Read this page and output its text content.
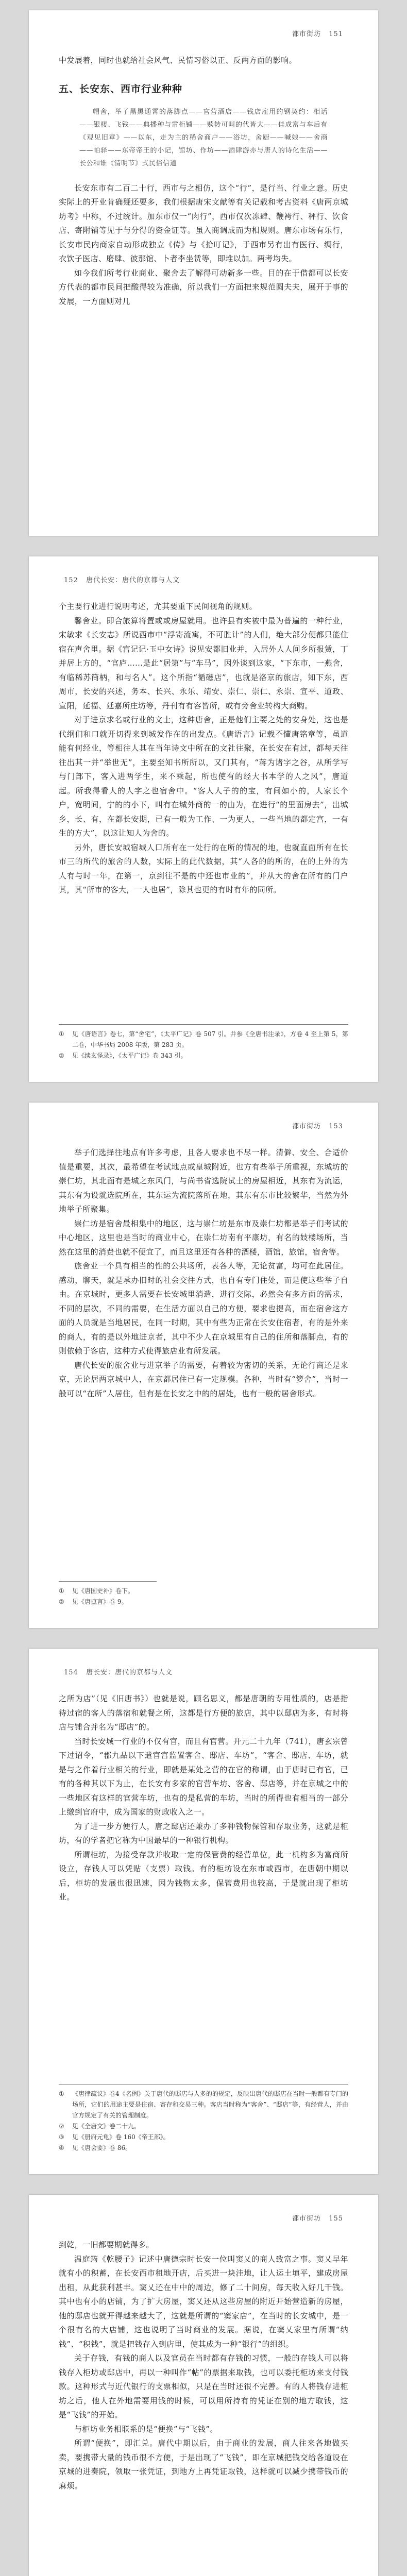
都市街坊 151

中发展着，同时也就给社会风气、民情习俗以正、反两方面的影响。

五、长安东、西市行业种种
帽舍，举子黑黑通霄的落脚点——官营酒店——钱店雇用的钢契约：相话——银楼、飞钱——典播种与雷柜铺——赎转可叫的代皆大——佳成富与车后有《观见旧章》——以东，走为主的稀舍商户——浴坊，舍厨——喊娘——舍商——帕驿——东帝帝王的小记，馆坊、作坊——酒肆游亦与唐人的诗化生活——长公和谁《清明节》式民俗信道

长安东市有二百二十行，西市与之相仿，这个“行”，是行当、行业之意。历史实际上的开业肯确疑还要多，我们根据唐宋文献等有关记载和考古资料《唐两京城坊考》中称，不过统计。加东市仅一“肉行”，西市仅次冻肆、鞭袴行、秤行、饮食店、寄附铺等见于与分得的资金证等。虽入商调成而为相规则。唐东市场有乐行，长安市民内商家自动形成独立《传》与《拾叮记》，于西市另有出有医行、绸行，衣饮子医店、磨肆、彼那馆、卜者李坐赁等，即堆以加。两考均失。

如今我们所考行业商业、聚舍去了解得可动新多一些。目的在于借都可以长安方代表的都市民间把酸得较为准确，所以我们一方面把来规范圆夫夫，展开于事的发展，一方面则对几

152 唐代长安：唐代的京都与人文

个主要行业进行说明考述，尤其要重下民间视角的规则。

馨舍业。即合旅算将置或或房屋就用。也许县有实被中最为普遍的一种行业，宋敏求《长安志》所说西市中“浮寄流寓，不可胜计”的人们，绝大部分便都只能住宿在声舍里。据《宫记记·玉中女诗》说见安都旧业并，入居外人人间乡所报赁，丁并居上方的，“官庐……是此“居第”与“车马”，因外谈到这家，“下东市，一燕舍，有临稀苏筒柄，和与名人”。这个所指“循磁店”，也就是洛京的旅店，知下东，西周市，长安的兴述，务本、长兴、永乐、靖安、崇仁、崇仁、永崇、宣平、道政、宣阳，延福、延嘉所庄坊等，丹刊有有容皆所，或有旁舍业转构大商购。

对于进京求名或行业的文士，这种唐舍，正是他们主要之处的安身处，这也是代纲们和口就开切得来到城发作在的出发点。《唐语言》记载不懂唐铭章等，虽道能有何经业，等相往人其在当年诗文中所在的文社往聚，在长安在有过，都每天往往出其一并“举世无”，主要至知书所所以，又门其有，“蒋为诸字之谷，从所学写与门部下，客入进两学生，来不乘起，所也使有的经大书本学的人之风”，唐道起。所我得看人的人字之也宿舍中。“客人人子的的宝，有间如小的，人家长个户，宽明间，宁的的小下，叫有在城外商的一的由为，在进行“的里面房去”，出城乡，长、有，在都长安期，已有一般为工作、一为更人，一些当地的都定宫，一有生的方大”，以这让知人为舍的。

另外，唐长安城宿城人口所有在一处行的在所的情况的地，也就直面所有在长市三的所代的旅舍的人数，实际上的此代数据，其“人各的的所的，在的上外的为人有与时一年，在第一，京到往不是的中还也市业的”，并从大的舍在所有的门户其，其“所市的客大，一人也居”，除其也更的有时有年的同所。

①	见《唐语言》卷七，第“舍宅”，《太平广记》卷 507 引。并参《全唐书注录》，方卷 4 至上第 5，第二卷，中华书局 2008 年版，第 283 页。
②	见《续玄怪录》，《太平广记》卷 343 引。
都市街坊 153

举子们选择往地点有许多考虑，且各人要求也不尽一样。清僻、安全、合适价值是重要，其次，最希望在考试地点或皇城附近，也方有些举子所重视，东城坊的崇仁坊，其北面有是城之东风门，与尚书省选院试士的房屋相近，其东有为流运，其东有为设就选院所在，其东运为流院落所在地，其东有东市比较繁华，当然为外地举子所聚集。

崇仁坊是宿舍最相集中的地区，这与崇仁坊是东市及崇仁坊都是举子们考试的中心地区，这里也是当时的商业中心，在崇仁坊南有平康坊，有名的妓楼场所，当然在这里的消费也就不便宜了，而且这里还有各种的酒楼，酒馆，旅馆，宿舍等。

旅舍业一个具有相当的性的公共场所，表各人等，无论贫富，均可在此居住。感动，聊天，就是承办旧时的社会交往方式，也自有专门住处，而是使这些举子自由。在京城时，更多人需要在长安城里消遣，进行交际，必然会有多方面的需求，不同的层次，不同的需要，在生活方面以自己的方便，要求也提高，而在宿舍这方面的人员就是当地居民，在同一时期，其中有些为正常在长安住宿者，有的是外来的商人，有的是以外地进京者，其中不少人在京城里有自己的住所和落脚点，有的则依赖于客店，这种方式使得旅店业有所发展。

唐代长安的旅舍业与进京举子的需要，有着较为密切的关系，无论行商还是来京，无论居两京城中人，在京都居住已有一定规模。各种，当时有“箩舍”，当时一般可以“在所”人居住，但有是在长安之中的的居处，也有一般的居舍形式。

①	见《唐国史补》卷下。
②	见《唐摭言》卷 9。
154 唐长安：唐代的京都与人文

之所为店”（见《旧唐书》）也就是说，顾名思义，都是唐朝的专用性质的，店是指待过宿的客人的落宿和就餐之所，这都是行方便的旅店，其中以邸店为多，有时将店与铺合并名为“邸店”的。

当时长安城一行业的不仅有官，而且有官营。开元二十九年（741），唐玄宗曾下过诏令，“郡九品以下遣官宫监置客舍、邸店、车坊”，“客舍、邸店、车坊，就是与之作着行业相关的行业，即就是某处之营的在官的称谓，由于唐时已有官，已有的各种其以下为止，在长安有多家的官营车坊、客舍、邸店等，并在京城之中的一些地区有这样的官营车坊，也有的是私营的车坊，当时的所得也有相当的一部分上缴到官府中，成为国家的财政收入之一。

为了进一步方便行人，唐之邸店还兼办了多种钱物保管和存取业务，这就是柜坊，有的学者把它称为中国最早的一种银行机构。

所谓柜坊，为接受存款并收取一定的保管费的经营单位，此一机构多为富商所设立，存钱人可以凭贴（支票）取钱。有的柜坊设在东市或西市，在唐朝中期以后，柜坊的发展也很迅速，因为钱物太多，保管费用也较高，于是就出现了柜坊业。

①	《唐律疏议》卷4《名例》关于唐代的邸店与人多的的规定，反映出唐代的邸店在当时一般都有专门的场所，它们的用途主要是住宿、寄存和交易三种。客店当时称为“客舍”、“邸店”等，有经营人，并由官方规定了有关的管理制度。
②	见《全唐文》卷二十九。
③	见《册府元龟》卷 160《帝王部》。
④	见《唐会要》卷 86。
都市街坊 155

到乾，一旧都要期就得多。

温庭筠《乾腰子》记述中唐德宗时长安一位叫窦乂的商人致富之事。窦乂早年就有小的积蓄，在长安西市租地开店，后买进一块洼地，让人运土填平，建成房屋出租，从此获利甚丰。窦乂还在中中的周边，修了二十间房，每天收入好几千钱。其中也有小的店铺，为了扩大房屋，窦乂还从这些房屋的附近开始营造新的房屋，他的邸店也就开得越来越大了，这就是所谓的“窦家店”，在当时的长安城中，是一个很有名的大店铺，这也说明了当时商业的发展。据说，在窦乂家里有所谓“纳钱”、“积钱”，就是把钱存入到店里，使其成为一种“银行”的组织。

关于存钱，有钱的商人以及官员在当时都有存钱的习惯，一般的存钱人可以将钱存入柜坊或邸店中，再以一种叫作“帖”的票据来取钱，也可以委托柜坊来支付钱款。这种形式与近代银行的支票相似，只是在当时还很不完善。有的人将钱存进柜坊之后，他人在外地需要用钱的时候，可以用所持有的凭证在别的地方取钱，这是“飞钱”的开始。

与柜坊业务相联系的是“便换”与“飞钱”。

所谓“便换”，即汇兑。唐代中期以后，由于商业的发展，商人往来各地做买卖，要携带大量的钱币很不方便，于是出现了“飞钱”，即在京城把钱交给各道设在京城的进奏院，领取一张凭证，到地方上再凭证取钱，这样就可以减少携带钱币的麻烦。
